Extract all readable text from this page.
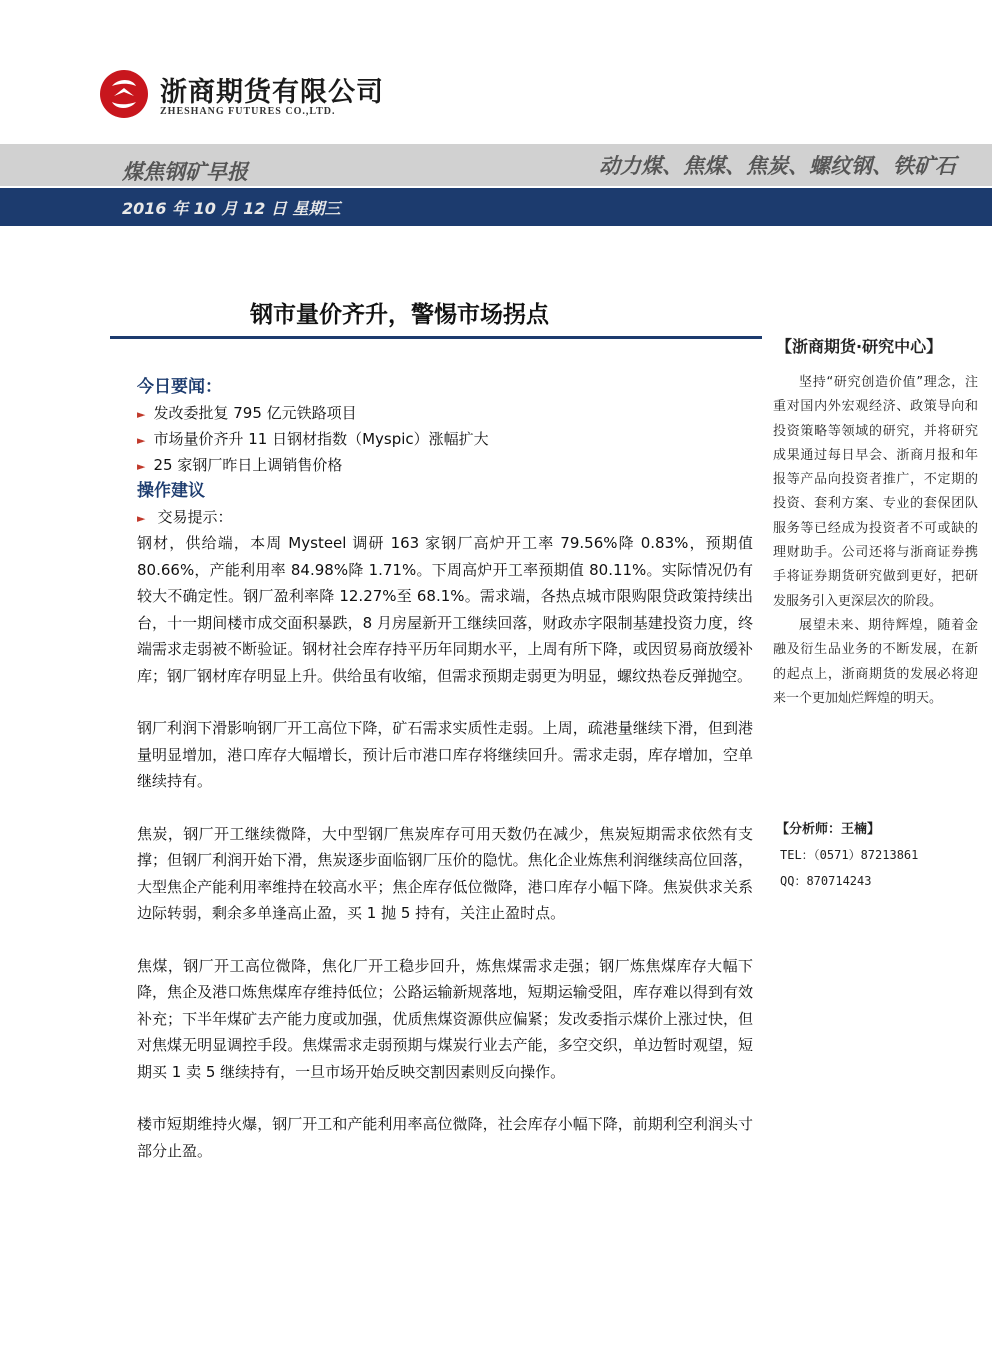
浙商期货有限公司
ZHESHANG FUTURES CO.,LTD.
煤焦钢矿早报	动力煤、焦煤、焦炭、螺纹钢、铁矿石
2016 年 10 月 12 日 星期三
钢市量价齐升，警惕市场拐点
今日要闻：
► 发改委批复 795 亿元铁路项目
► 市场量价齐升 11 日钢材指数（Myspic）涨幅扩大
► 25 家钢厂昨日上调销售价格
操作建议
► 交易提示：

钢材，供给端，本周 Mysteel 调研 163 家钢厂高炉开工率 79.56%降 0.83%，预期值 80.66%，产能利用率 84.98%降 1.71%。下周高炉开工率预期值 80.11%。实际情况仍有较大不确定性。钢厂盈利率降 12.27%至 68.1%。需求端，各热点城市限购限贷政策持续出台，十一期间楼市成交面积暴跌，8 月房屋新开工继续回落，财政赤字限制基建投资力度，终端需求走弱被不断验证。钢材社会库存持平历年同期水平，上周有所下降，或因贸易商放缓补库；钢厂钢材库存明显上升。供给虽有收缩，但需求预期走弱更为明显，螺纹热卷反弹抛空。

钢厂利润下滑影响钢厂开工高位下降，矿石需求实质性走弱。上周，疏港量继续下滑，但到港量明显增加，港口库存大幅增长，预计后市港口库存将继续回升。需求走弱，库存增加，空单继续持有。

焦炭，钢厂开工继续微降，大中型钢厂焦炭库存可用天数仍在减少，焦炭短期需求依然有支撑；但钢厂利润开始下滑，焦炭逐步面临钢厂压价的隐忧。焦化企业炼焦利润继续高位回落，大型焦企产能利用率维持在较高水平；焦企库存低位微降，港口库存小幅下降。焦炭供求关系边际转弱，剩余多单逢高止盈，买 1 抛 5 持有，关注止盈时点。

焦煤，钢厂开工高位微降，焦化厂开工稳步回升，炼焦煤需求走强；钢厂炼焦煤库存大幅下降，焦企及港口炼焦煤库存维持低位；公路运输新规落地，短期运输受阻，库存难以得到有效补充；下半年煤矿去产能力度或加强，优质焦煤资源供应偏紧；发改委指示煤价上涨过快，但对焦煤无明显调控手段。焦煤需求走弱预期与煤炭行业去产能，多空交织，单边暂时观望，短期买 1 卖 5 继续持有，一旦市场开始反映交割因素则反向操作。

楼市短期维持火爆，钢厂开工和产能利用率高位微降，社会库存小幅下降，前期利空利润头寸部分止盈。

【浙商期货·研究中心】

坚持“研究创造价值”理念，注重对国内外宏观经济、政策导向和投资策略等领域的研究，并将研究成果通过每日早会、浙商月报和年报等产品向投资者推广，不定期的投资、套利方案、专业的套保团队服务等已经成为投资者不可或缺的理财助手。公司还将与浙商证券携手将证券期货研究做到更好，把研发服务引入更深层次的阶段。

展望未来、期待辉煌，随着金融及衍生品业务的不断发展，在新的起点上，浙商期货的发展必将迎来一个更加灿烂辉煌的明天。

【分析师：王楠】
TEL：（0571）87213861
QQ：870714243
